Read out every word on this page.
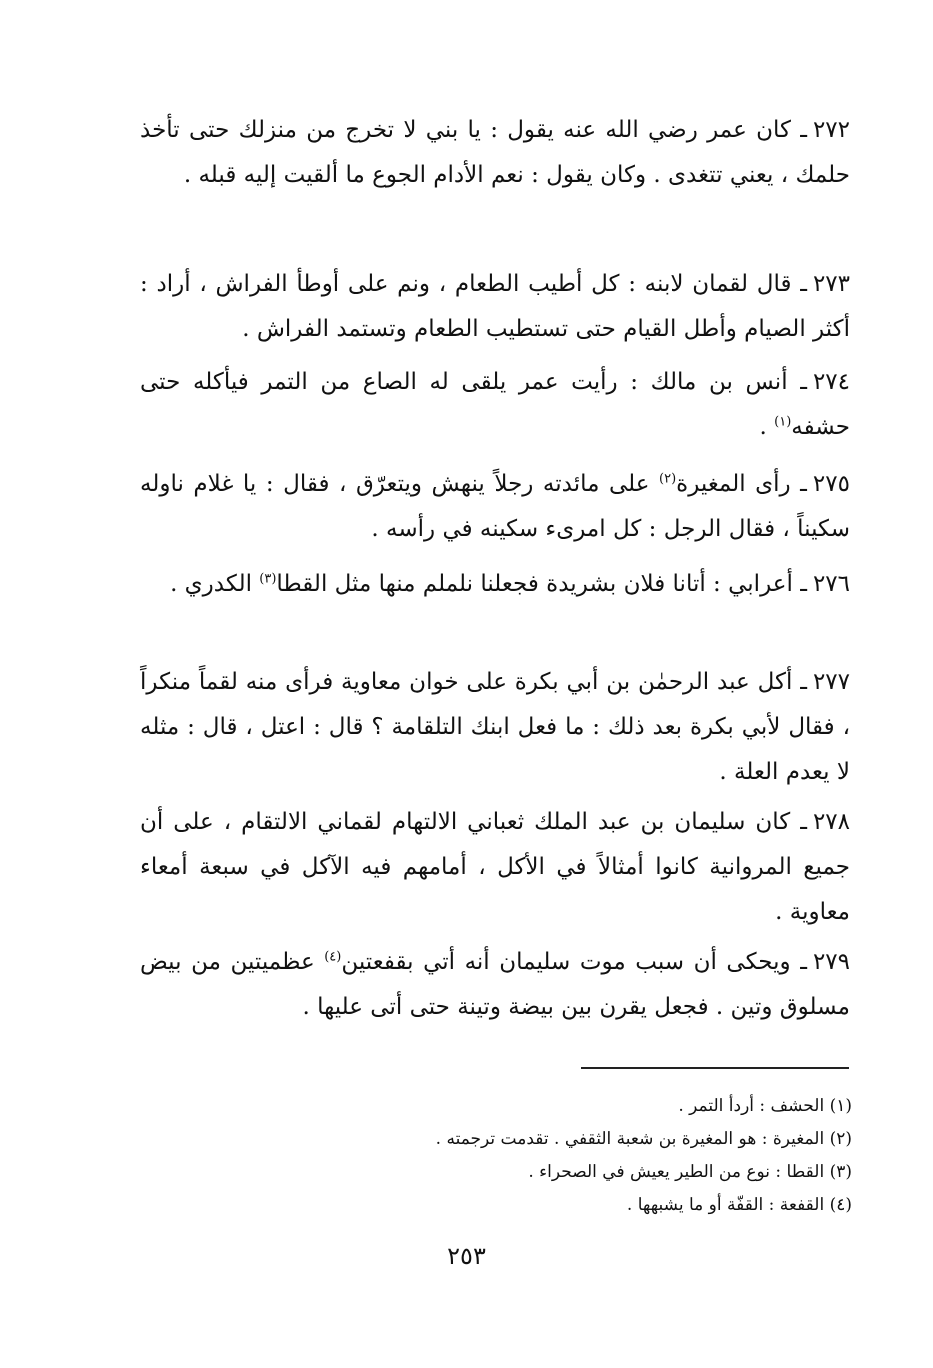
٢٧٢ـ كان عمر رضي الله عنه يقول : يا بني لا تخرج من منزلك حتى تأخذ حلمك ، يعني تتغدى . وكان يقول : نعم الأدام الجوع ما ألقيت إليه قبله .

٢٧٣ـ قال لقمان لابنه : كل أطيب الطعام ، ونم على أوطأ الفراش ، أراد : أكثر الصيام وأطل القيام حتى تستطيب الطعام وتستمد الفراش .

٢٧٤ـ أنس بن مالك : رأيت عمر يلقى له الصاع من التمر فيأكله حتى حشفه$^{(١)}$ .

٢٧٥ـ رأى المغيرة$^{(٢)}$ على مائدته رجلاً ينهش ويتعرّق ، فقال : يا غلام ناوله سكيناً ، فقال الرجل : كل امرىء سكينه في رأسه .

٢٧٦ـ أعرابي : أتانا فلان بشريدة فجعلنا نلملم منها مثل القطا$^{(٣)}$ الكدري .

٢٧٧ـ أكل عبد الرحمٰن بن أبي بكرة على خوان معاوية فرأى منه لقماً منكراً ، فقال لأبي بكرة بعد ذلك : ما فعل ابنك التلقامة ؟ قال : اعتل ، قال : مثله لا يعدم العلة .

٢٧٨ـ كان سليمان بن عبد الملك ثعباني الالتهام لقماني الالتقام ، على أن جميع المروانية كانوا أمثالاً في الأكل ، أمامهم فيه الآكل في سبعة أمعاء معاوية .

٢٧٩ـ ويحكى أن سبب موت سليمان أنه أتي بقفعتين$^{(٤)}$ عظميتين من بيض مسلوق وتين . فجعل يقرن بين بيضة وتينة حتى أتى عليها .

(١) الحشف : أردأ التمر .
(٢) المغيرة : هو المغيرة بن شعبة الثقفي . تقدمت ترجمته .
(٣) القطا : نوع من الطير يعيش في الصحراء .
(٤) القفعة : القفّة أو ما يشبهها .
٢٥٣
